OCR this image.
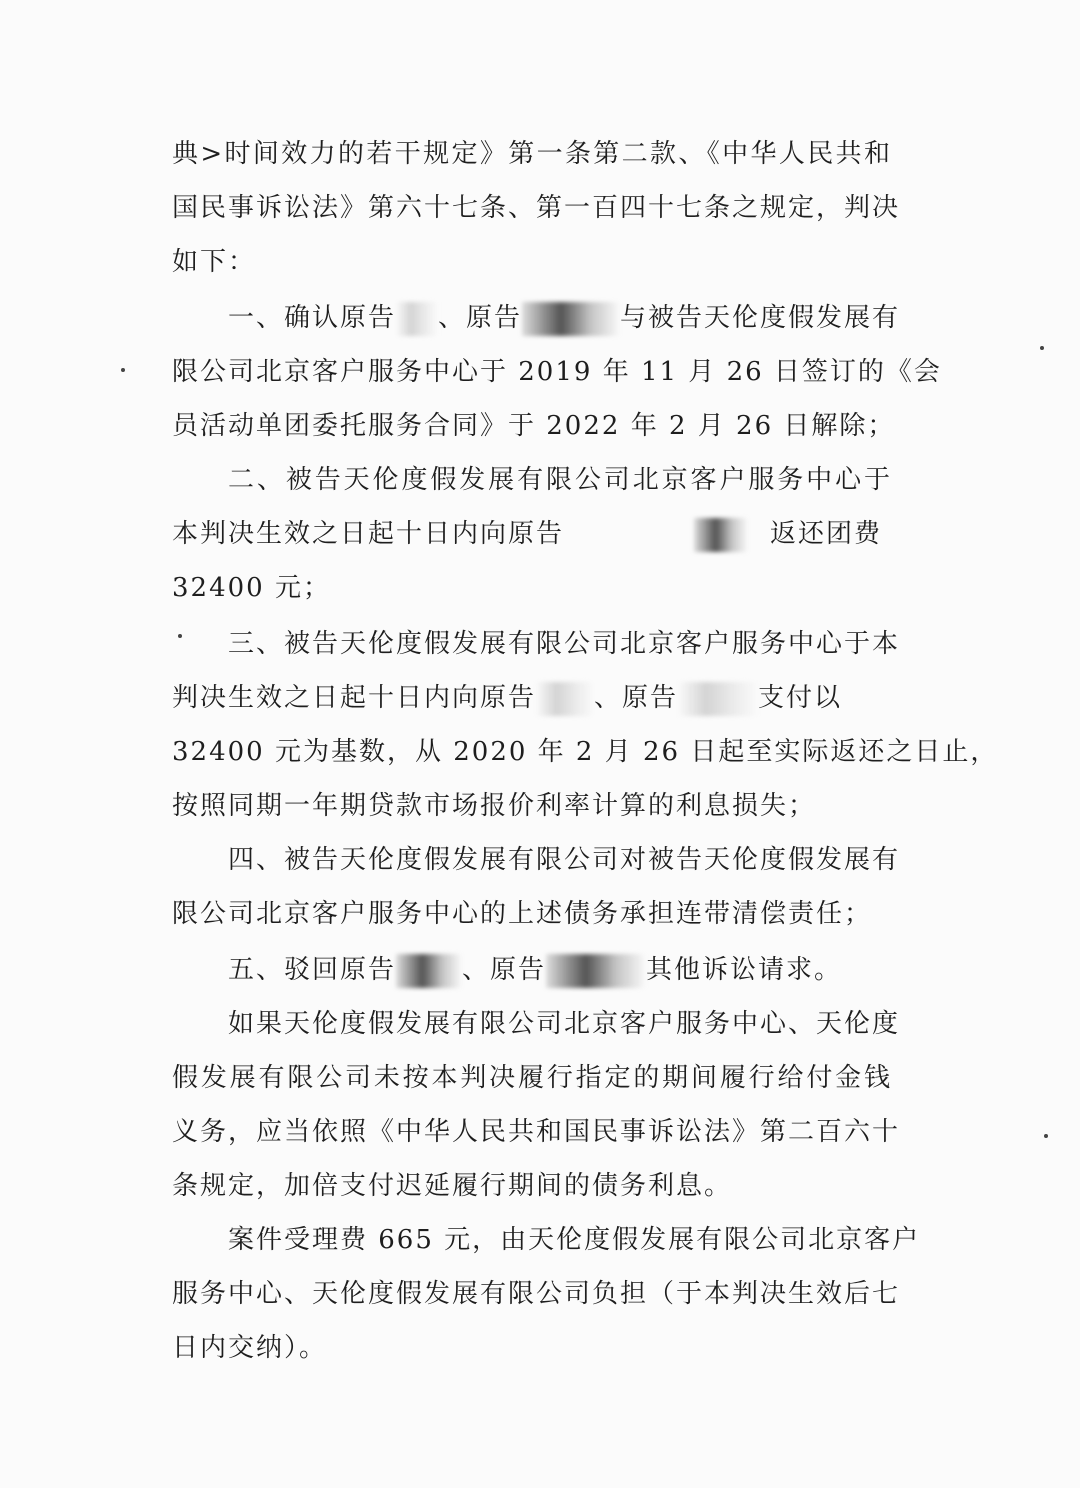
典>时间效力的若干规定》第一条第二款、《中华人民共和
国民事诉讼法》第六十七条、第一百四十七条之规定，判决
如下：
一、确认原告 、原告	与被告天伦度假发展有
限公司北京客户服务中心于 2019 年 11 月 26 日签订的《会
员活动单团委托服务合同》于 2022 年 2 月 26 日解除；
二、被告天伦度假发展有限公司北京客户服务中心于
本判决生效之日起十日内向原告	返还团费
32400 元；
三、被告天伦度假发展有限公司北京客户服务中心于本
判决生效之日起十日内向原告 、原告	支付以
32400 元为基数，从 2020 年 2 月 26 日起至实际返还之日止，
按照同期一年期贷款市场报价利率计算的利息损失；
四、被告天伦度假发展有限公司对被告天伦度假发展有
限公司北京客户服务中心的上述债务承担连带清偿责任；
五、驳回原告	、原告	其他诉讼请求。
如果天伦度假发展有限公司北京客户服务中心、天伦度
假发展有限公司未按本判决履行指定的期间履行给付金钱
义务，应当依照《中华人民共和国民事诉讼法》第二百六十
条规定，加倍支付迟延履行期间的债务利息。
案件受理费 665 元，由天伦度假发展有限公司北京客户
服务中心、天伦度假发展有限公司负担（于本判决生效后七
日内交纳）。
